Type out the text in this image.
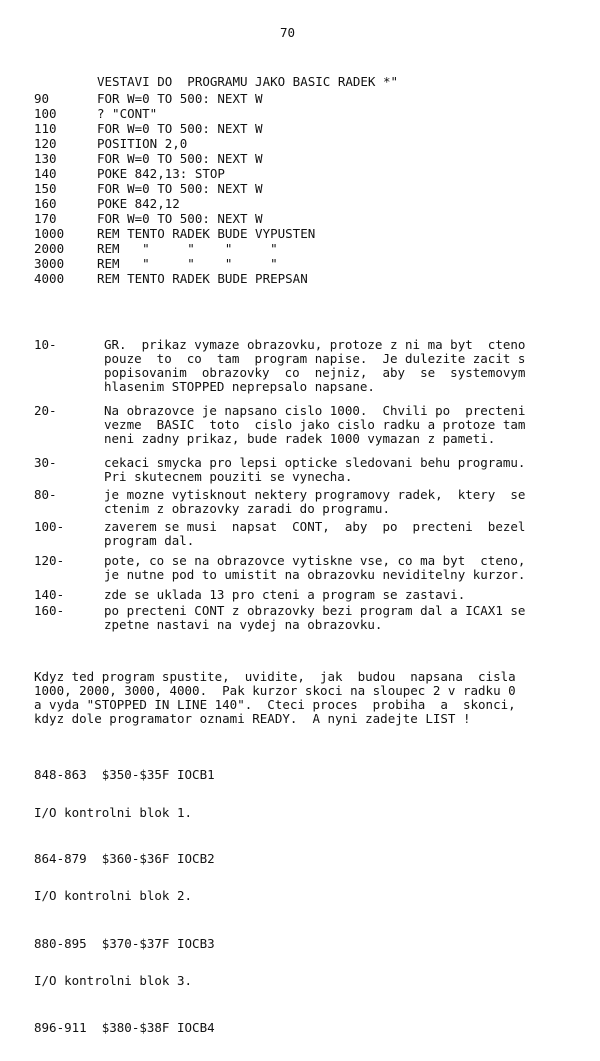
70
VESTAVI DO  PROGRAMU JAKO BASIC RADEK *"
90	FOR W=0 TO 500: NEXT W
100	? "CONT"
110	FOR W=0 TO 500: NEXT W
120	POSITION 2,0
130	FOR W=0 TO 500: NEXT W
140	POKE 842,13: STOP
150	FOR W=0 TO 500: NEXT W
160	POKE 842,12
170	FOR W=0 TO 500: NEXT W
1000	REM TENTO RADEK BUDE VYPUSTEN
2000	REM   "     "    "     "
3000	REM   "     "    "     "
4000	REM TENTO RADEK BUDE PREPSAN
10-	GR.  prikaz vymaze obrazovku, protoze z ni ma byt  cteno
pouze  to  co  tam  program napise.  Je dulezite zacit s
popisovanim  obrazovky  co  nejniz,  aby  se  systemovym
hlasenim STOPPED neprepsalo napsane.
20-	Na obrazovce je napsano cislo 1000.  Chvili po  precteni
vezme  BASIC  toto  cislo jako cislo radku a protoze tam
neni zadny prikaz, bude radek 1000 vymazan z pameti.
30-	cekaci smycka pro lepsi opticke sledovani behu programu.
Pri skutecnem pouziti se vynecha.
80-	je mozne vytisknout nektery programovy radek,  ktery  se
ctenim z obrazovky zaradi do programu.
100-	zaverem se musi  napsat  CONT,  aby  po  precteni  bezel
program dal.
120-	pote, co se na obrazovce vytiskne vse, co ma byt  cteno,
je nutne pod to umistit na obrazovku neviditelny kurzor.
140-	zde se uklada 13 pro cteni a program se zastavi.
160-	po precteni CONT z obrazovky bezi program dal a ICAX1 se
zpetne nastavi na vydej na obrazovku.
Kdyz ted program spustite,  uvidite,  jak  budou  napsana  cisla
1000, 2000, 3000, 4000.  Pak kurzor skoci na sloupec 2 v radku 0
a vyda "STOPPED IN LINE 140".  Cteci proces  probiha  a  skonci,
kdyz dole programator oznami READY.  A nyni zadejte LIST !
848-863  $350-$35F IOCB1
I/O kontrolni blok 1.
864-879  $360-$36F IOCB2
I/O kontrolni blok 2.
880-895  $370-$37F IOCB3
I/O kontrolni blok 3.
896-911  $380-$38F IOCB4
